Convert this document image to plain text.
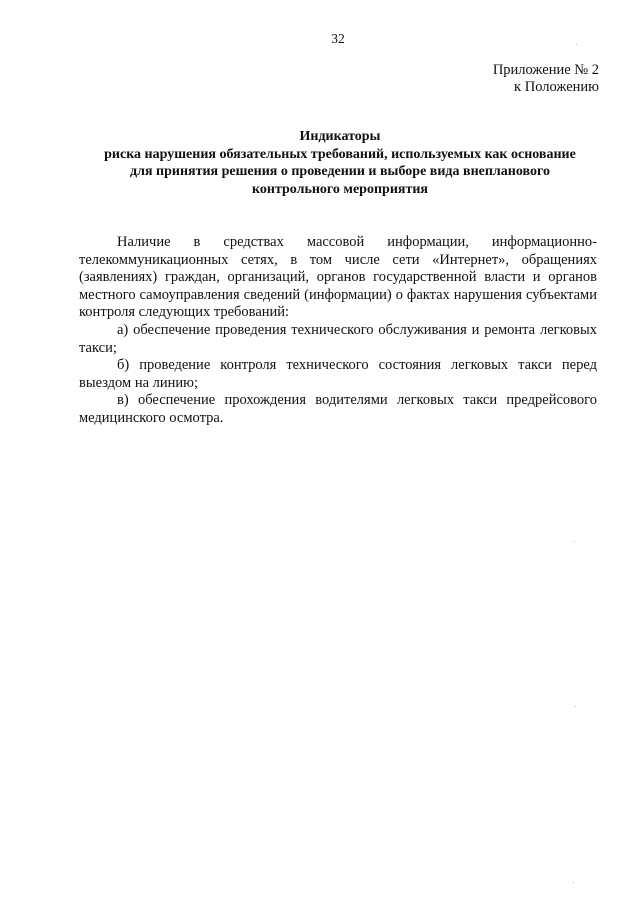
32
Приложение № 2
к Положению
Индикаторы
риска нарушения обязательных требований, используемых как основание
для принятия решения о проведении и выборе вида внепланового
контрольного мероприятия

Наличие в средствах массовой информации, информационно-телекоммуникационных сетях, в том числе сети «Интернет», обращениях (заявлениях) граждан, организаций, органов государственной власти и органов местного самоуправления сведений (информации) о фактах нарушения субъектами контроля следующих требований:

а) обеспечение проведения технического обслуживания и ремонта легковых такси;

б) проведение контроля технического состояния легковых такси перед выездом на линию;

в) обеспечение прохождения водителями легковых такси предрейсового медицинского осмотра.
